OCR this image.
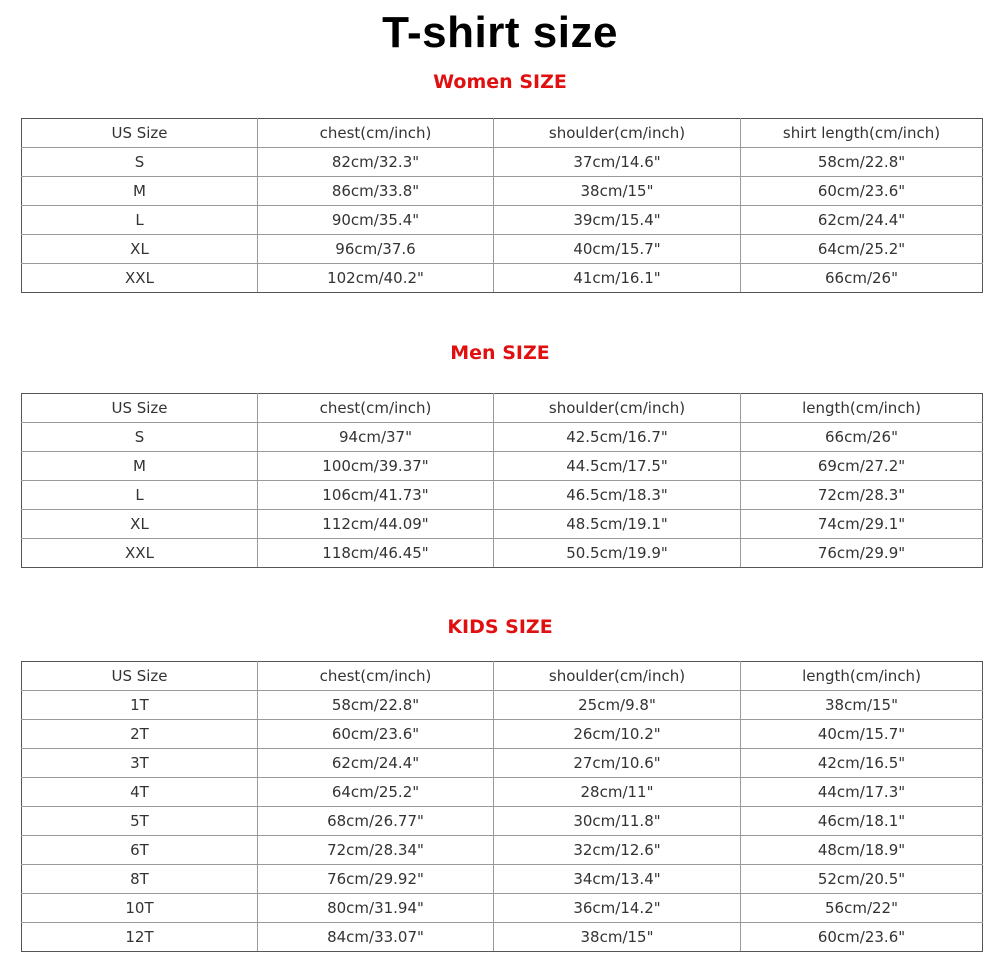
T-shirt size
Women SIZE
US Size	chest(cm/inch)	shoulder(cm/inch)	shirt length(cm/inch)
S	82cm/32.3"	37cm/14.6"	58cm/22.8"
M	86cm/33.8"	38cm/15"	60cm/23.6"
L	90cm/35.4"	39cm/15.4"	62cm/24.4"
XL	96cm/37.6	40cm/15.7"	64cm/25.2"
XXL	102cm/40.2"	41cm/16.1"	66cm/26"
Men SIZE
US Size	chest(cm/inch)	shoulder(cm/inch)	length(cm/inch)
S	94cm/37"	42.5cm/16.7"	66cm/26"
M	100cm/39.37"	44.5cm/17.5"	69cm/27.2"
L	106cm/41.73"	46.5cm/18.3"	72cm/28.3"
XL	112cm/44.09"	48.5cm/19.1"	74cm/29.1"
XXL	118cm/46.45"	50.5cm/19.9"	76cm/29.9"
KIDS SIZE
US Size	chest(cm/inch)	shoulder(cm/inch)	length(cm/inch)
1T	58cm/22.8"	25cm/9.8"	38cm/15"
2T	60cm/23.6"	26cm/10.2"	40cm/15.7"
3T	62cm/24.4"	27cm/10.6"	42cm/16.5"
4T	64cm/25.2"	28cm/11"	44cm/17.3"
5T	68cm/26.77"	30cm/11.8"	46cm/18.1"
6T	72cm/28.34"	32cm/12.6"	48cm/18.9"
8T	76cm/29.92"	34cm/13.4"	52cm/20.5"
10T	80cm/31.94"	36cm/14.2"	56cm/22"
12T	84cm/33.07"	38cm/15"	60cm/23.6"
